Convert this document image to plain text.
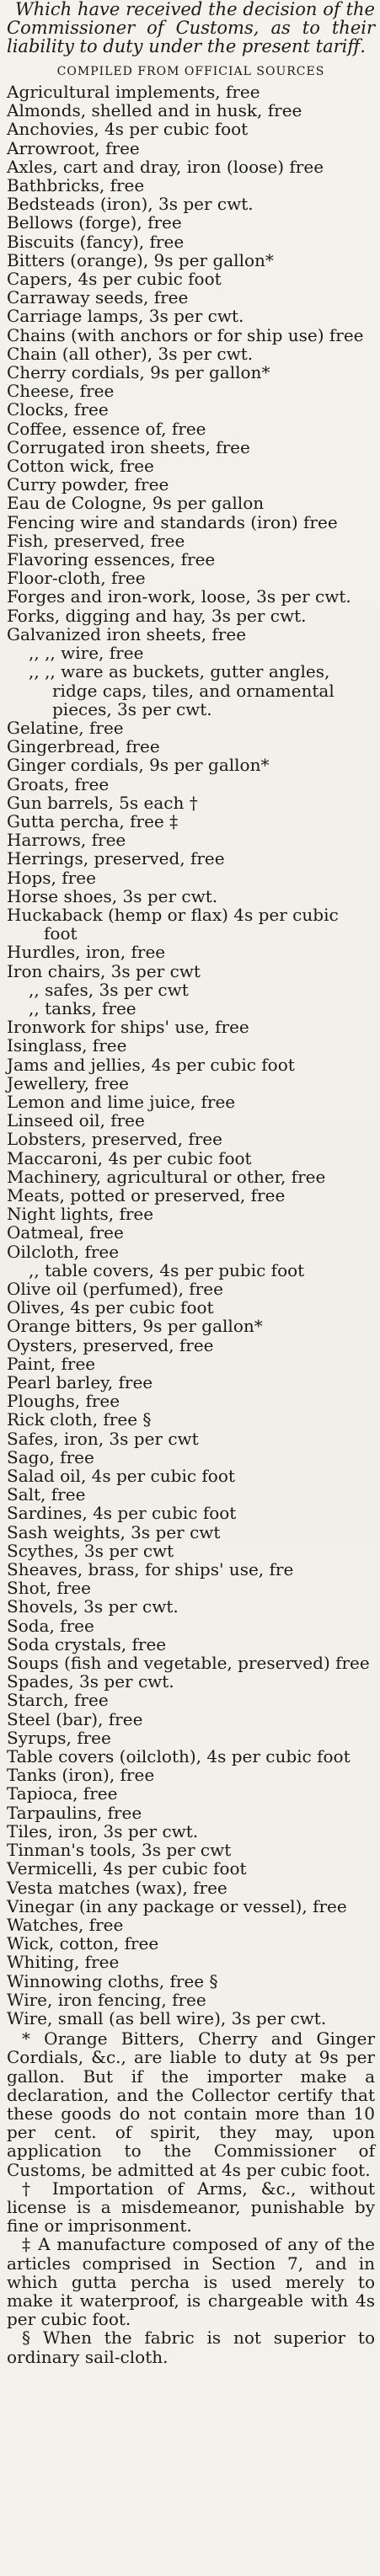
Which have received the decision of the Commissioner of Customs, as to their liability to duty under the present tariff.

COMPILED FROM OFFICIAL SOURCES
Agricultural implements, free
Almonds, shelled and in husk, free
Anchovies, 4s per cubic foot
Arrowroot, free
Axles, cart and dray, iron (loose) free
Bathbricks, free
Bedsteads (iron), 3s per cwt.
Bellows (forge), free
Biscuits (fancy), free
Bitters (orange), 9s per gallon*
Capers, 4s per cubic foot
Carraway seeds, free
Carriage lamps, 3s per cwt.
Chains (with anchors or for ship use) free
Chain (all other), 3s per cwt.
Cherry cordials, 9s per gallon*
Cheese, free
Clocks, free
Coffee, essence of, free
Corrugated iron sheets, free
Cotton wick, free
Curry powder, free
Eau de Cologne, 9s per gallon
Fencing wire and standards (iron) free
Fish, preserved, free
Flavoring essences, free
Floor-cloth, free
Forges and iron-work, loose, 3s per cwt.
Forks, digging and hay, 3s per cwt.
Galvanized iron sheets, free
,, ,, wire, free
,, ,, ware as buckets, gutter angles, ridge caps, tiles, and ornamental pieces, 3s per cwt.
Gelatine, free
Gingerbread, free
Ginger cordials, 9s per gallon*
Groats, free
Gun barrels, 5s each †
Gutta percha, free ‡
Harrows, free
Herrings, preserved, free
Hops, free
Horse shoes, 3s per cwt.
Huckaback (hemp or flax) 4s per cubic foot
Hurdles, iron, free
Iron chairs, 3s per cwt
,, safes, 3s per cwt
,, tanks, free
Ironwork for ships' use, free
Isinglass, free
Jams and jellies, 4s per cubic foot
Jewellery, free
Lemon and lime juice, free
Linseed oil, free
Lobsters, preserved, free
Maccaroni, 4s per cubic foot
Machinery, agricultural or other, free
Meats, potted or preserved, free
Night lights, free
Oatmeal, free
Oilcloth, free
,, table covers, 4s per pubic foot
Olive oil (perfumed), free
Olives, 4s per cubic foot
Orange bitters, 9s per gallon*
Oysters, preserved, free
Paint, free
Pearl barley, free
Ploughs, free
Rick cloth, free §
Safes, iron, 3s per cwt
Sago, free
Salad oil, 4s per cubic foot
Salt, free
Sardines, 4s per cubic foot
Sash weights, 3s per cwt
Scythes, 3s per cwt
Sheaves, brass, for ships' use, fre
Shot, free
Shovels, 3s per cwt.
Soda, free
Soda crystals, free
Soups (fish and vegetable, preserved) free
Spades, 3s per cwt.
Starch, free
Steel (bar), free
Syrups, free
Table covers (oilcloth), 4s per cubic foot
Tanks (iron), free
Tapioca, free
Tarpaulins, free
Tiles, iron, 3s per cwt.
Tinman's tools, 3s per cwt
Vermicelli, 4s per cubic foot
Vesta matches (wax), free
Vinegar (in any package or vessel), free
Watches, free
Wick, cotton, free
Whiting, free
Winnowing cloths, free §
Wire, iron fencing, free
Wire, small (as bell wire), 3s per cwt.

* Orange Bitters, Cherry and Ginger Cordials, &c., are liable to duty at 9s per gallon. But if the importer make a declaration, and the Collector certify that these goods do not contain more than 10 per cent. of spirit, they may, upon application to the Commissioner of Customs, be admitted at 4s per cubic foot.

† Importation of Arms, &c., without license is a misdemeanor, punishable by fine or imprisonment.

‡ A manufacture composed of any of the articles comprised in Section 7, and in which gutta percha is used merely to make it waterproof, is chargeable with 4s per cubic foot.

§ When the fabric is not superior to ordinary sail-cloth.
